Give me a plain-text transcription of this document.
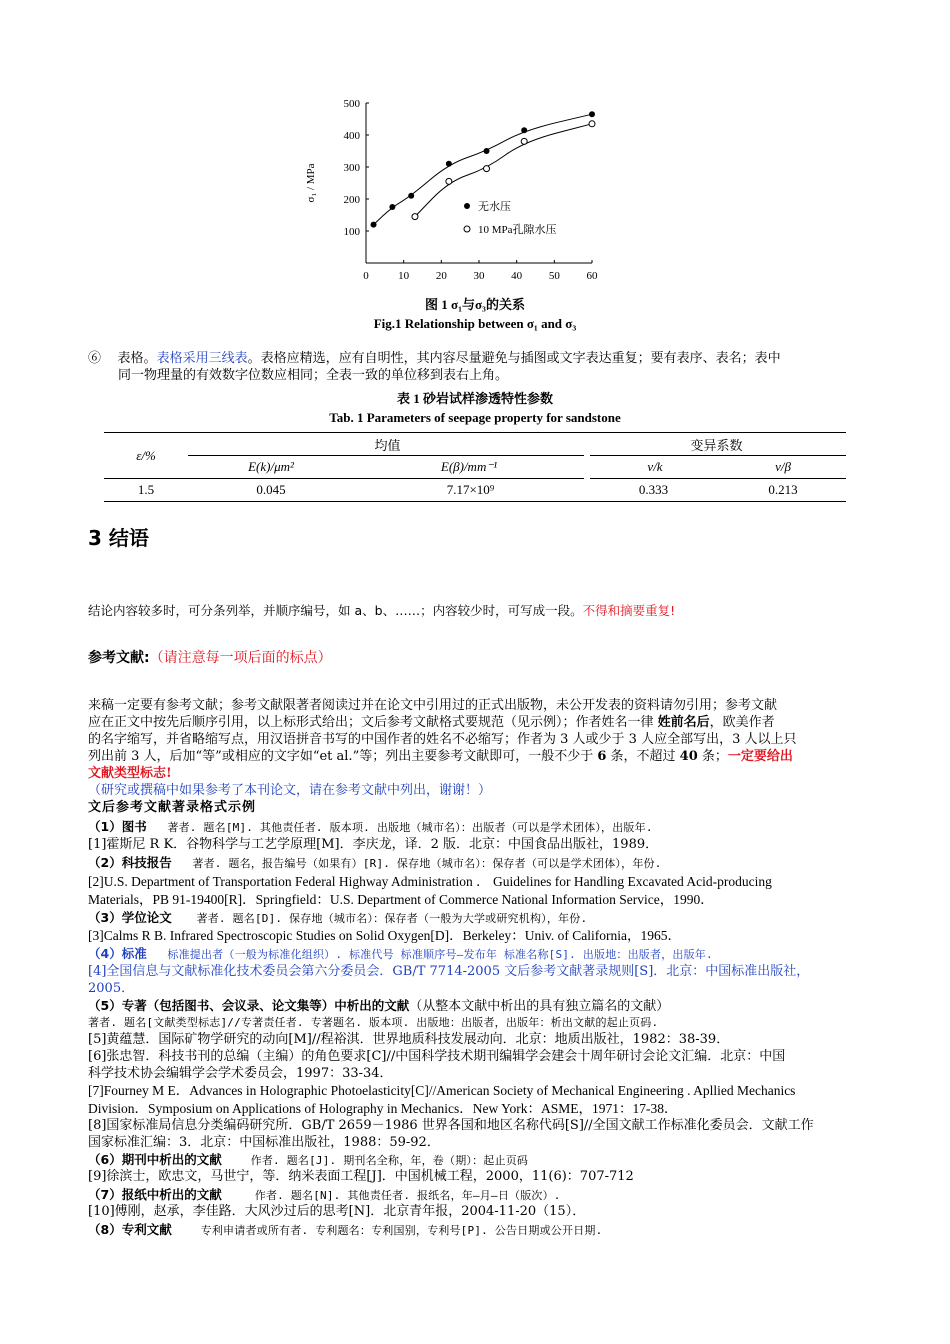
0	10 20 30 40 50 60
100
200
300
400
500
σ₁ / MPa
无水压
10 MPa孔隙水压
图 1 σ₁与σ₃的关系
Fig.1 Relationship between σ₁ and σ₃
⑥ 表格。表格采用三线表。表格应精选，应有自明性，其内容尽量避免与插图或文字表达重复；要有表序、表名；表中
同一物理量的有效数字位数应相同；全表一致的单位移到表右上角。
表 1 砂岩试样渗透特性参数
Tab. 1 Parameters of seepage property for sandstone
ε/%	均值		变异系数	
	E(k)/μm²	E(β)/mm⁻¹	v/k	v/β
1.5	0.045	7.17×10⁹	0.333	0.213
3 结语
结论内容较多时，可分条列举，并顺序编号，如 a、b、……；内容较少时，可写成一段。不得和摘要重复!
参考文献:（请注意每一项后面的标点）
来稿一定要有参考文献；参考文献限著者阅读过并在论文中引用过的正式出版物，未公开发表的资料请勿引用；参考文献
应在正文中按先后顺序引用，以上标形式给出；文后参考文献格式要规范（见示例）；作者姓名一律 姓前名后，欧美作者
的名字缩写，并省略缩写点，用汉语拼音书写的中国作者的姓名不必缩写；作者为 3 人或少于 3 人应全部写出，3 人以上只
列出前 3 人，后加“等”或相应的文字如“et al.”等；列出主要参考文献即可，一般不少于 6 条，不超过 40 条；一定要给出
文献类型标志!
（研究或撰稿中如果参考了本刊论文，请在参考文献中列出，谢谢！）
文后参考文献著录格式示例
（1）图书 著者. 题名[M]. 其他责任者. 版本项. 出版地（城市名）：出版者（可以是学术团体），出版年.
[1]霍斯尼 R K．谷物科学与工艺学原理[M]．李庆龙，译．2 版．北京：中国食品出版社，1989．
（2）科技报告 著者. 题名，报告编号（如果有）[R]. 保存地（城市名）：保存者（可以是学术团体），年份.
[2]U.S. Department of Transportation Federal Highway Administration ． Guidelines for Handling Excavated Acid-producing
Materials，PB 91-19400[R]．Springfield：U.S. Department of Commerce National Information Service，1990．
（3）学位论文 著者. 题名[D]. 保存地（城市名）：保存者（一般为大学或研究机构），年份.
[3]Calms R B. Infrared Spectroscopic Studies on Solid Oxygen[D]．Berkeley：Univ. of California，1965．
（4）标准 标准提出者（一般为标准化组织）. 标准代号 标准顺序号—发布年 标准名称[S]. 出版地：出版者，出版年.
[4]全国信息与文献标准化技术委员会第六分委员会．GB/T 7714-2005 文后参考文献著录规则[S]．北京：中国标准出版社，
2005．
（5）专著（包括图书、会议录、论文集等）中析出的文献（从整本文献中析出的具有独立篇名的文献）
著者. 题名[文献类型标志]//专著责任者. 专著题名. 版本项. 出版地：出版者，出版年：析出文献的起止页码.
[5]黄蕴慧．国际矿物学研究的动向[M]//程裕淇．世界地质科技发展动向．北京：地质出版社，1982：38-39．
[6]张忠智．科技书刊的总编（主编）的角色要求[C]//中国科学技术期刊编辑学会建会十周年研讨会论文汇编．北京：中国
科学技术协会编辑学会学术委员会，1997：33-34．
[7]Fourney M E．Advances in Holographic Photoelasticity[C]//American Society of Mechanical Engineering . Apllied Mechanics
Division．Symposium on Applications of Holography in Mechanics．New York：ASME，1971：17-38．
[8]国家标准局信息分类编码研究所．GB/T 2659－1986 世界各国和地区名称代码[S]//全国文献工作标准化委员会．文献工作
国家标准汇编：3．北京：中国标准出版社，1988：59-92．
（6）期刊中析出的文献	作者. 题名[J]. 期刊名全称，年，卷（期）：起止页码
[9]徐滨士，欧忠文，马世宁，等．纳米表面工程[J]．中国机械工程，2000，11(6)：707-712
（7）报纸中析出的文献	作者. 题名[N]. 其他责任者. 报纸名，年—月—日（版次）.
[10]傅刚，赵承，李佳路．大风沙过后的思考[N]．北京青年报，2004-11-20（15）．
（8）专利文献	专利申请者或所有者. 专利题名：专利国别，专利号[P]. 公告日期或公开日期.
